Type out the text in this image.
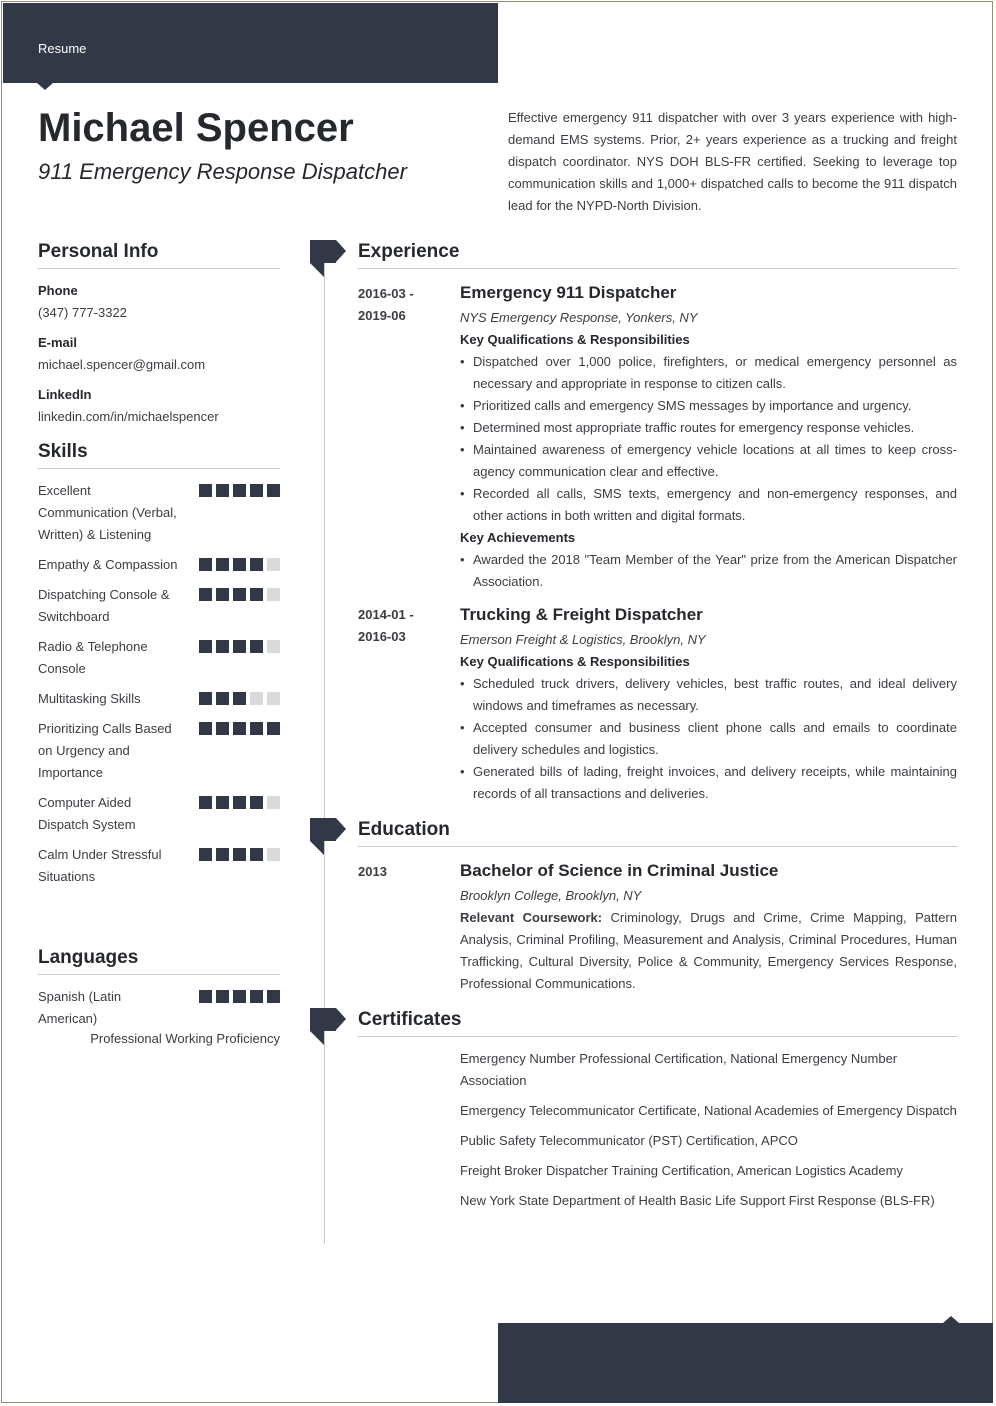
Resume
Michael Spencer
911 Emergency Response Dispatcher
Effective emergency 911 dispatcher with over 3 years experience with high-demand EMS systems. Prior, 2+ years experience as a trucking and freight dispatch coordinator. NYS DOH BLS-FR certified. Seeking to leverage top communication skills and 1,000+ dispatched calls to become the 911 dispatch lead for the NYPD-North Division.
Personal Info
Phone
(347) 777-3322
E-mail
michael.spencer@gmail.com
LinkedIn
linkedin.com/in/michaelspencer
Skills
Excellent Communication (Verbal, Written) & Listening
Empathy & Compassion
Dispatching Console & Switchboard
Radio & Telephone Console
Multitasking Skills
Prioritizing Calls Based on Urgency and Importance
Computer Aided Dispatch System
Calm Under Stressful Situations
Languages
Spanish (Latin American)
Professional Working Proficiency
Experience
2016-03 -
2019-06
Emergency 911 Dispatcher
NYS Emergency Response, Yonkers, NY
Key Qualifications & Responsibilities
• Dispatched over 1,000 police, firefighters, or medical emergency personnel as necessary and appropriate in response to citizen calls.
• Prioritized calls and emergency SMS messages by importance and urgency.
• Determined most appropriate traffic routes for emergency response vehicles.
• Maintained awareness of emergency vehicle locations at all times to keep cross-agency communication clear and effective.
• Recorded all calls, SMS texts, emergency and non-emergency responses, and other actions in both written and digital formats.
Key Achievements
• Awarded the 2018 "Team Member of the Year" prize from the American Dispatcher Association.
2014-01 -
2016-03
Trucking & Freight Dispatcher
Emerson Freight & Logistics, Brooklyn, NY
Key Qualifications & Responsibilities
• Scheduled truck drivers, delivery vehicles, best traffic routes, and ideal delivery windows and timeframes as necessary.
• Accepted consumer and business client phone calls and emails to coordinate delivery schedules and logistics.
• Generated bills of lading, freight invoices, and delivery receipts, while maintaining records of all transactions and deliveries.
Education
2013	Bachelor of Science in Criminal Justice
Brooklyn College, Brooklyn, NY
Relevant Coursework: Criminology, Drugs and Crime, Crime Mapping, Pattern Analysis, Criminal Profiling, Measurement and Analysis, Criminal Procedures, Human Trafficking, Cultural Diversity, Police & Community, Emergency Services Response, Professional Communications.
Certificates
Emergency Number Professional Certification, National Emergency Number Association
Emergency Telecommunicator Certificate, National Academies of Emergency Dispatch
Public Safety Telecommunicator (PST) Certification, APCO
Freight Broker Dispatcher Training Certification, American Logistics Academy
New York State Department of Health Basic Life Support First Response (BLS-FR)
